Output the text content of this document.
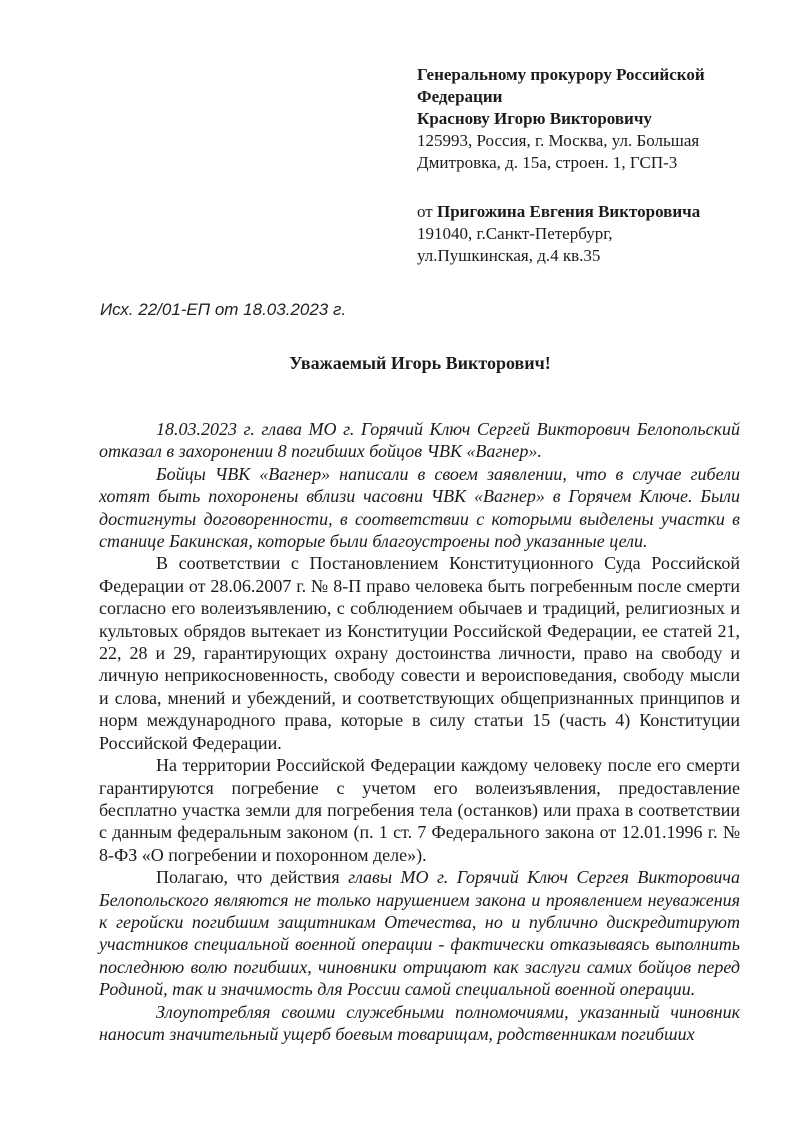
Генеральному прокурору Российской Федерации

Краснову Игорю Викторовичу

125993, Россия, г. Москва, ул. Большая Дмитровка, д. 15а, строен. 1, ГСП-3

от Пригожина Евгения Викторовича

191040, г.Санкт-Петербург,

ул.Пушкинская, д.4 кв.35

Исх. 22/01-ЕП от 18.03.2023 г.
Уважаемый Игорь Викторович!

18.03.2023 г. глава МО г. Горячий Ключ Сергей Викторович Белопольский отказал в захоронении 8 погибших бойцов ЧВК «Вагнер».

Бойцы ЧВК «Вагнер» написали в своем заявлении, что в случае гибели хотят быть похоронены вблизи часовни ЧВК «Вагнер» в Горячем Ключе. Были достигнуты договоренности, в соответствии с которыми выделены участки в станице Бакинская, которые были благоустроены под указанные цели.

В соответствии с Постановлением Конституционного Суда Российской Федерации от 28.06.2007 г. № 8-П право человека быть погребенным после смерти согласно его волеизъявлению, с соблюдением обычаев и традиций, религиозных и культовых обрядов вытекает из Конституции Российской Федерации, ее статей 21, 22, 28 и 29, гарантирующих охрану достоинства личности, право на свободу и личную неприкосновенность, свободу совести и вероисповедания, свободу мысли и слова, мнений и убеждений, и соответствующих общепризнанных принципов и норм международного права, которые в силу статьи 15 (часть 4) Конституции Российской Федерации.

На территории Российской Федерации каждому человеку после его смерти гарантируются погребение с учетом его волеизъявления, предоставление бесплатно участка земли для погребения тела (останков) или праха в соответствии с данным федеральным законом (п. 1 ст. 7 Федерального закона от 12.01.1996 г. № 8-ФЗ «О погребении и похоронном деле»).

Полагаю, что действия главы МО г. Горячий Ключ Сергея Викторовича Белопольского являются не только нарушением закона и проявлением неуважения к геройски погибшим защитникам Отечества, но и публично дискредитируют участников специальной военной операции - фактически отказываясь выполнить последнюю волю погибших, чиновники отрицают как заслуги самих бойцов перед Родиной, так и значимость для России самой специальной военной операции.

Злоупотребляя своими служебными полномочиями, указанный чиновник наносит значительный ущерб боевым товарищам, родственникам погибших
